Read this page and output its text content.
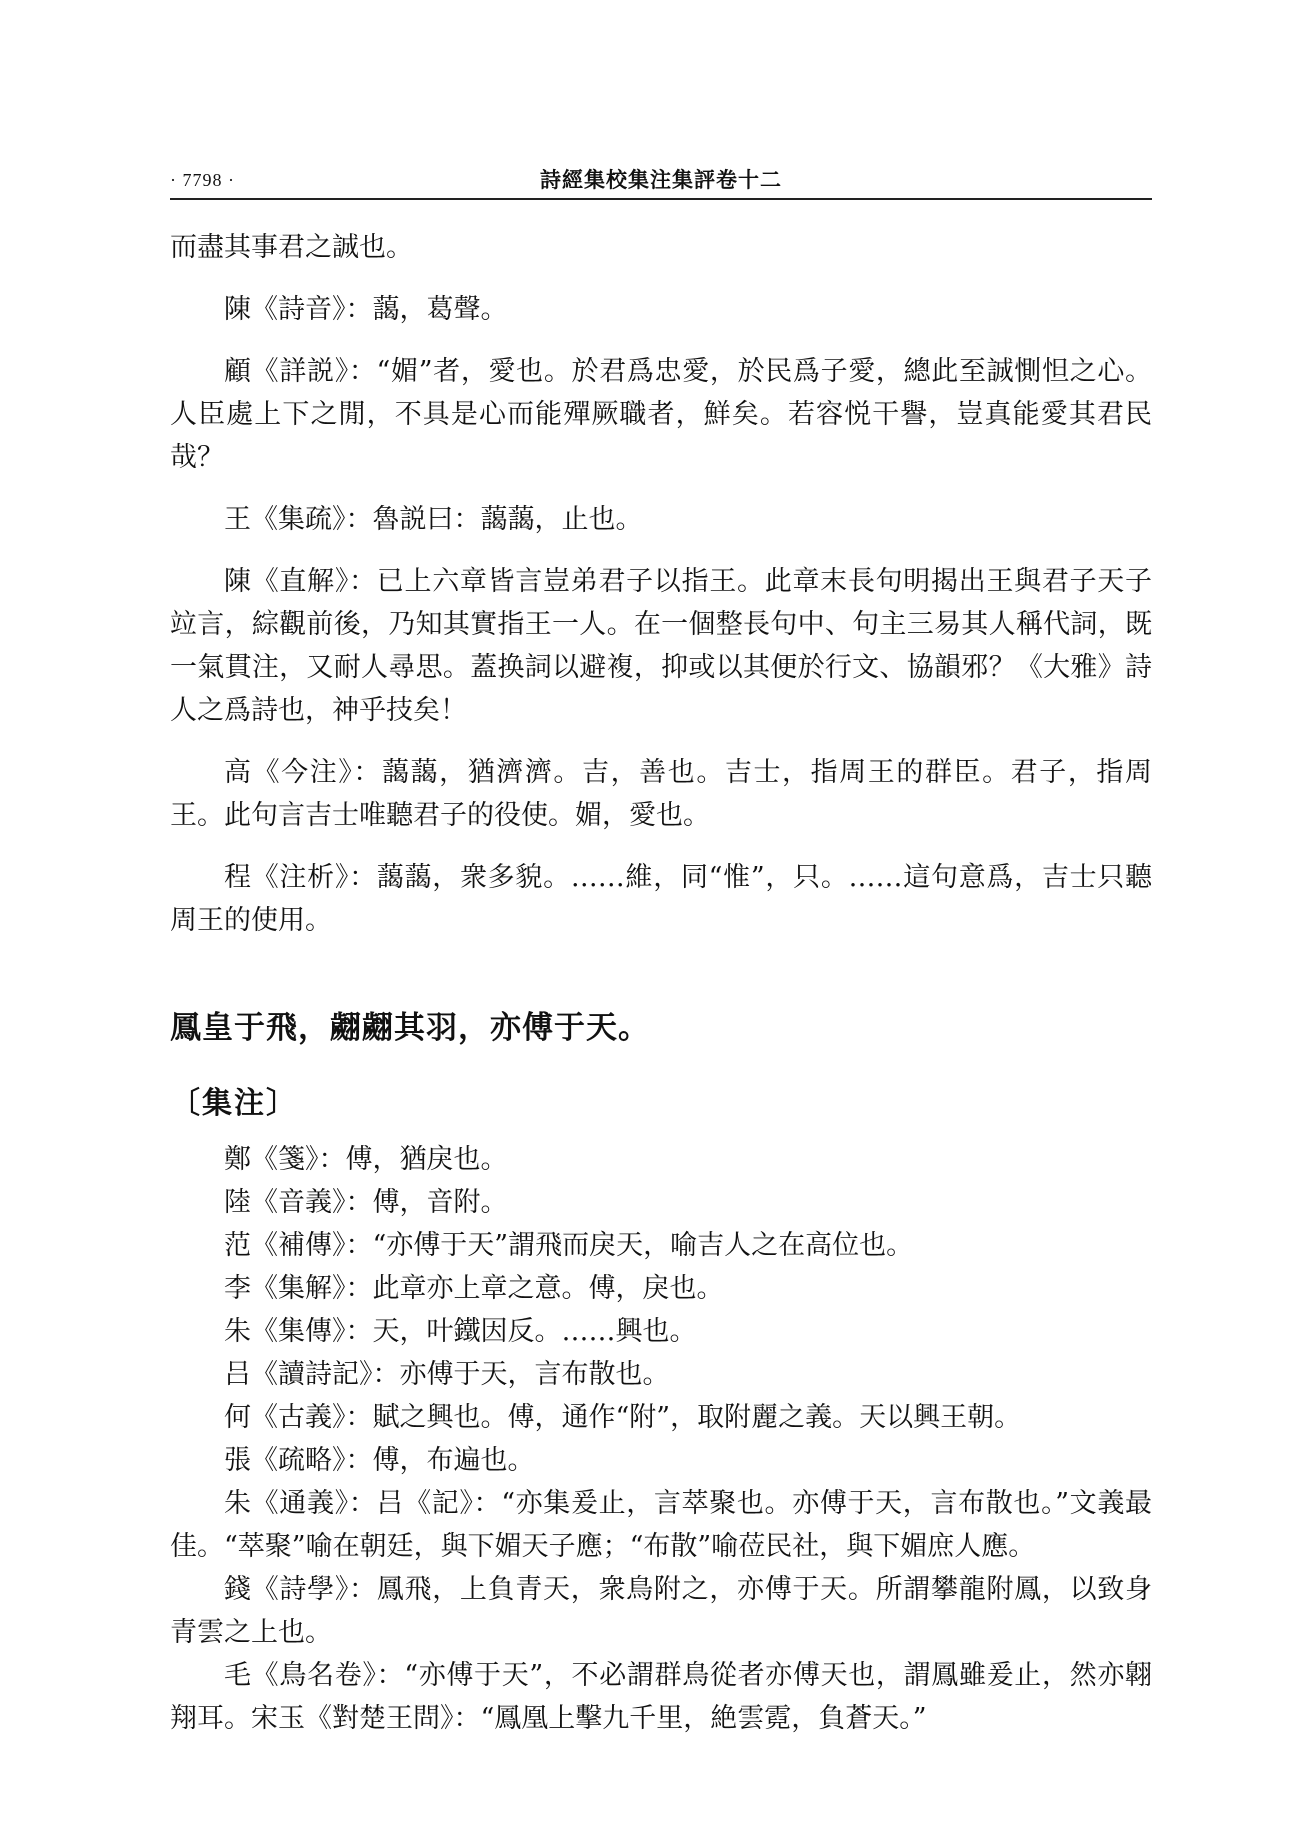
· 7798 ·	詩經集校集注集評卷十二

而盡其事君之誠也。

陳《詩音》：藹，葛聲。

顧《詳説》：“媚”者，愛也。於君爲忠愛，於民爲子愛，總此至誠惻怛之心。人臣處上下之閒，不具是心而能殫厥職者，鮮矣。若容悦干譽，豈真能愛其君民哉？

王《集疏》：魯説曰：藹藹，止也。

陳《直解》：已上六章皆言豈弟君子以指王。此章末長句明揭出王與君子天子竝言，綜觀前後，乃知其實指王一人。在一個整長句中、句主三易其人稱代詞，既一氣貫注，又耐人尋思。蓋换詞以避複，抑或以其便於行文、協韻邪？《大雅》詩人之爲詩也，神乎技矣！

高《今注》：藹藹，猶濟濟。吉，善也。吉士，指周王的群臣。君子，指周王。此句言吉士唯聽君子的役使。媚，愛也。

程《注析》：藹藹，衆多貌。……維，同“惟”，只。……這句意爲，吉士只聽周王的使用。

鳳皇于飛，翽翽其羽，亦傅于天。
〔集注〕

鄭《箋》：傅，猶戾也。

陸《音義》：傅，音附。

范《補傳》：“亦傅于天”謂飛而戾天，喻吉人之在高位也。

李《集解》：此章亦上章之意。傅，戾也。

朱《集傳》：天，叶鐵因反。……興也。

吕《讀詩記》：亦傅于天，言布散也。

何《古義》：賦之興也。傅，通作“附”，取附麗之義。天以興王朝。

張《疏略》：傅，布遍也。

朱《通義》：吕《記》：“亦集爰止，言萃聚也。亦傅于天，言布散也。”文義最佳。“萃聚”喻在朝廷，與下媚天子應；“布散”喻莅民社，與下媚庶人應。

錢《詩學》：鳳飛，上負青天，衆鳥附之，亦傅于天。所謂攀龍附鳳，以致身青雲之上也。

毛《鳥名卷》：“亦傅于天”，不必謂群鳥從者亦傅天也，謂鳳雖爰止，然亦翺翔耳。宋玉《對楚王問》：“鳳凰上擊九千里，絶雲霓，負蒼天。”
